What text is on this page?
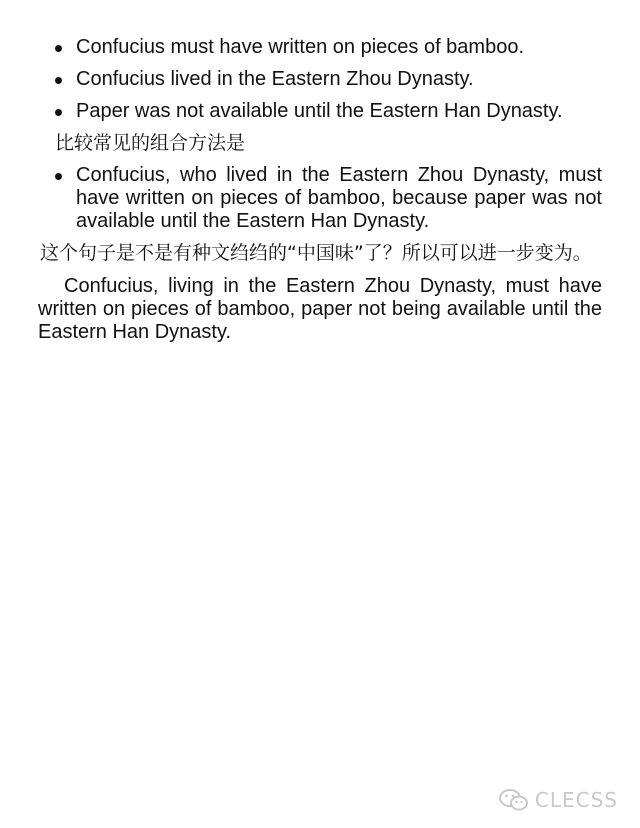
Confucius must have written on pieces of bamboo.
Confucius lived in the Eastern Zhou Dynasty.
Paper was not available until the Eastern Han Dynasty.

比较常见的组合方法是

Confucius, who lived in the Eastern Zhou Dynasty, must have written on pieces of bamboo, because paper was not available until the Eastern Han Dynasty.

这个句子是不是有种文绉绉的“中国味”了？所以可以进一步变为。

Confucius, living in the Eastern Zhou Dynasty, must have written on pieces of bamboo, paper not being available until the Eastern Han Dynasty.

CLECSS
